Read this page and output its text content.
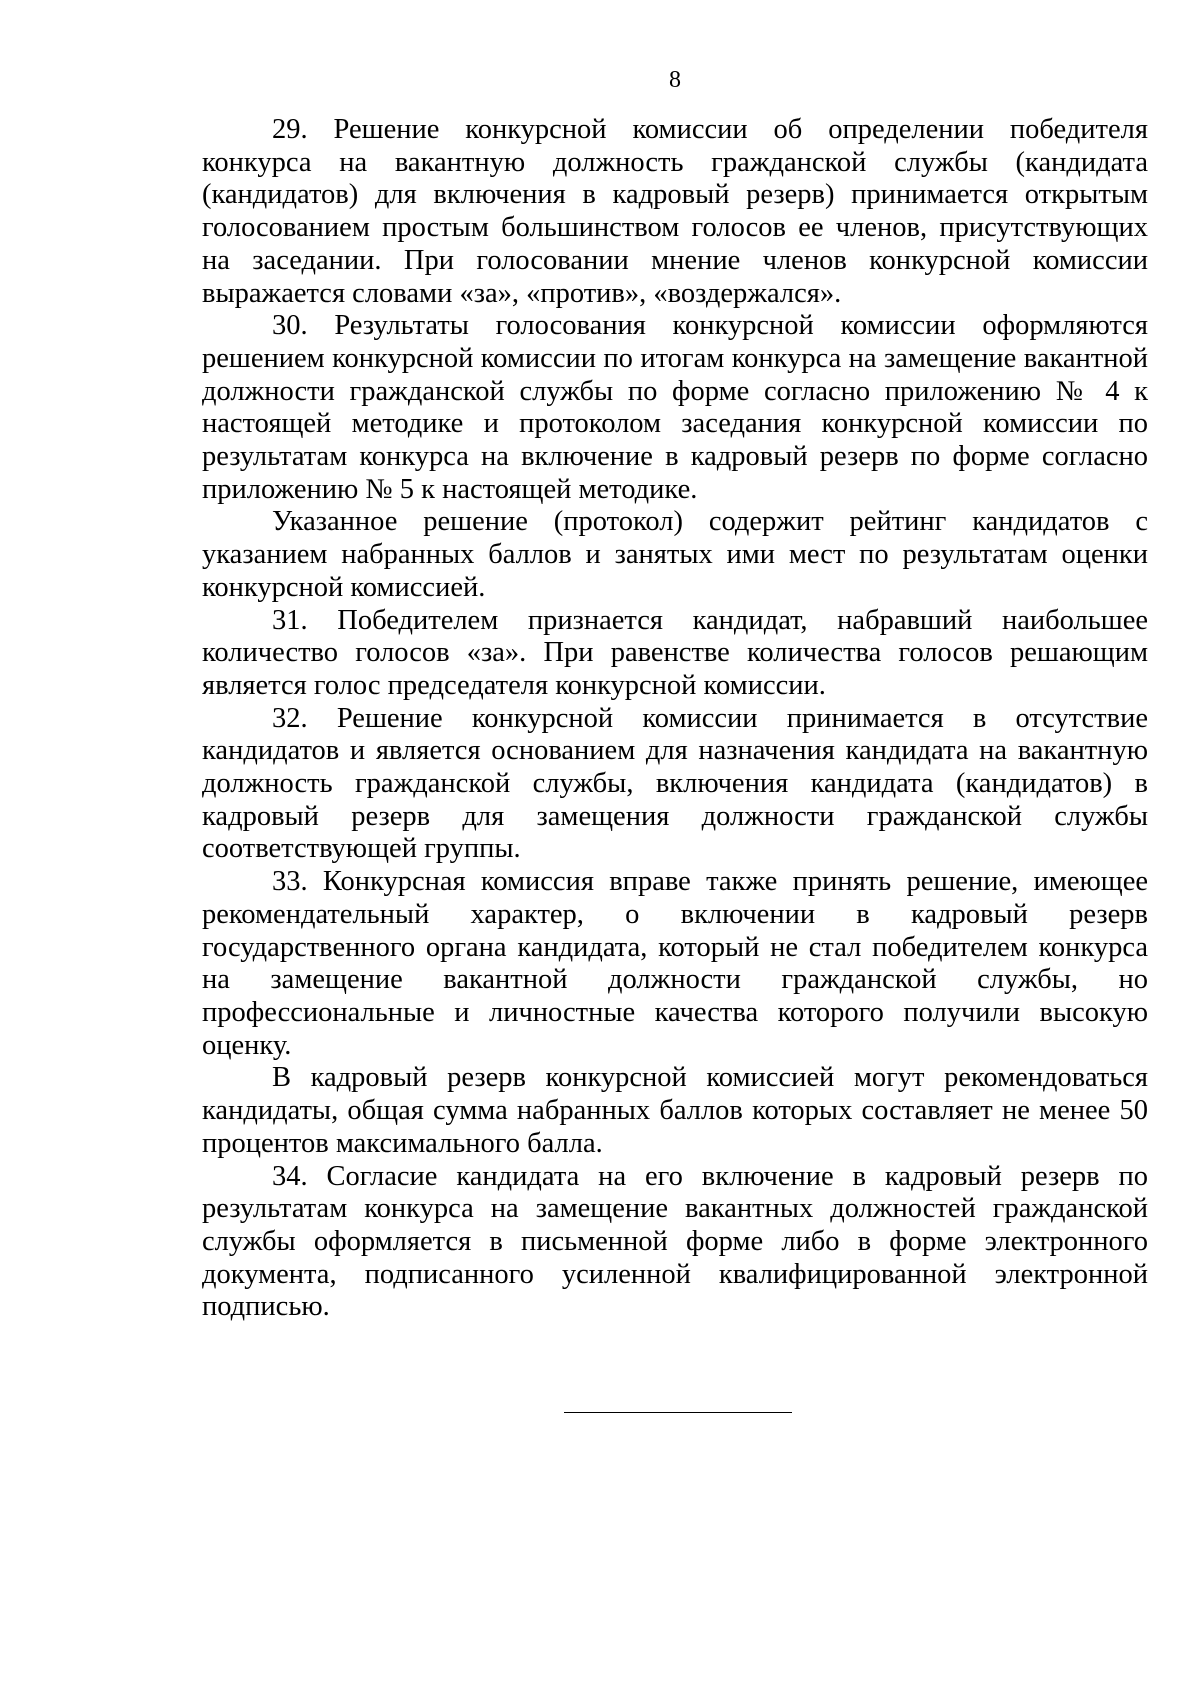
8

29. Решение конкурсной комиссии об определении победителя конкурса на вакантную должность гражданской службы (кандидата (кандидатов) для включения в кадровый резерв) принимается открытым голосованием простым большинством голосов ее членов, присутствующих на заседании. При голосовании мнение членов конкурсной комиссии выражается словами «за», «против», «воздержался».

30. Результаты голосования конкурсной комиссии оформляются решением конкурсной комиссии по итогам конкурса на замещение вакантной должности гражданской службы по форме согласно приложению № 4 к настоящей методике и протоколом заседания конкурсной комиссии по результатам конкурса на включение в кадровый резерв по форме согласно приложению № 5 к настоящей методике.

Указанное решение (протокол) содержит рейтинг кандидатов с указанием набранных баллов и занятых ими мест по результатам оценки конкурсной комиссией.

31. Победителем признается кандидат, набравший наибольшее количество голосов «за». При равенстве количества голосов решающим является голос председателя конкурсной комиссии.

32. Решение конкурсной комиссии принимается в отсутствие кандидатов и является основанием для назначения кандидата на вакантную должность гражданской службы, включения кандидата (кандидатов) в кадровый резерв для замещения должности гражданской службы соответствующей группы.

33. Конкурсная комиссия вправе также принять решение, имеющее рекомендательный характер, о включении в кадровый резерв государственного органа кандидата, который не стал победителем конкурса на замещение вакантной должности гражданской службы, но профессиональные и личностные качества которого получили высокую оценку.

В кадровый резерв конкурсной комиссией могут рекомендоваться кандидаты, общая сумма набранных баллов которых составляет не менее 50 процентов максимального балла.

34. Согласие кандидата на его включение в кадровый резерв по результатам конкурса на замещение вакантных должностей гражданской службы оформляется в письменной форме либо в форме электронного документа, подписанного усиленной квалифицированной электронной подписью.
